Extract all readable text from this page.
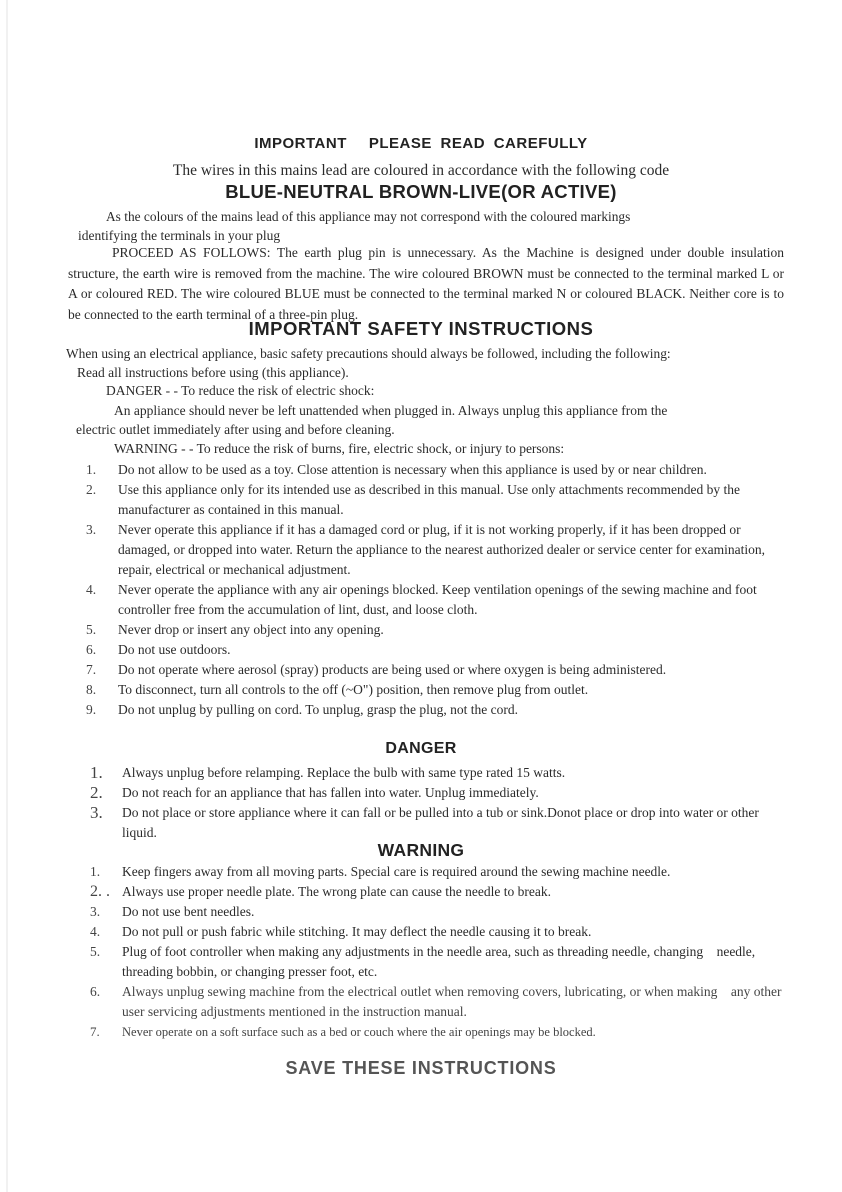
IMPORTANT PLEASE READ CAREFULLY
The wires in this mains lead are coloured in accordance with the following code
BLUE-NEUTRAL BROWN-LIVE(OR ACTIVE)
As the colours of the mains lead of this appliance may not correspond with the coloured markings
identifying the terminals in your plug
PROCEED AS FOLLOWS: The earth plug pin is unnecessary. As the Machine is designed under double insulation structure, the earth wire is removed from the machine. The wire coloured BROWN must be connected to the terminal marked L or A or coloured RED. The wire coloured BLUE must be connected to the terminal marked N or coloured BLACK. Neither core is to be connected to the earth terminal of a three-pin plug.
IMPORTANT SAFETY INSTRUCTIONS
When using an electrical appliance, basic safety precautions should always be followed, including the following:
Read all instructions before using (this appliance).
DANGER - - To reduce the risk of electric shock:
An appliance should never be left unattended when plugged in. Always unplug this appliance from the
electric outlet immediately after using and before cleaning.
WARNING - - To reduce the risk of burns, fire, electric shock, or injury to persons:
1.	Do not allow to be used as a toy. Close attention is necessary when this appliance is used by or near children.
2.	Use this appliance only for its intended use as described in this manual. Use only attachments recommended by the manufacturer as contained in this manual.
3.	Never operate this appliance if it has a damaged cord or plug, if it is not working properly, if it has been dropped or damaged, or dropped into water. Return the appliance to the nearest authorized dealer or service center for examination, repair, electrical or mechanical adjustment.
4.	Never operate the appliance with any air openings blocked. Keep ventilation openings of the sewing machine and foot controller free from the accumulation of lint, dust, and loose cloth.
5.	Never drop or insert any object into any opening.
6.	Do not use outdoors.
7.	Do not operate where aerosol (spray) products are being used or where oxygen is being administered.
8.	To disconnect, turn all controls to the off (~O") position, then remove plug from outlet.
9.	Do not unplug by pulling on cord. To unplug, grasp the plug, not the cord.
DANGER
1.	Always unplug before relamping. Replace the bulb with same type rated 15 watts.
2.	Do not reach for an appliance that has fallen into water. Unplug immediately.
3.	Do not place or store appliance where it can fall or be pulled into a tub or sink.Donot place or drop into water or other liquid.
WARNING
1.	Keep fingers away from all moving parts. Special care is required around the sewing machine needle.
2. . Always use proper needle plate. The wrong plate can cause the needle to break.
3.	Do not use bent needles.
4.	Do not pull or push fabric while stitching. It may deflect the needle causing it to break.
5.	Plug of foot controller when making any adjustments in the needle area, such as threading needle, changing    needle, threading bobbin, or changing presser foot, etc.
6.	Always unplug sewing machine from the electrical outlet when removing covers, lubricating, or when making    any other user servicing adjustments mentioned in the instruction manual.
7.	Never operate on a soft surface such as a bed or couch where the air openings may be blocked.
SAVE THESE INSTRUCTIONS
